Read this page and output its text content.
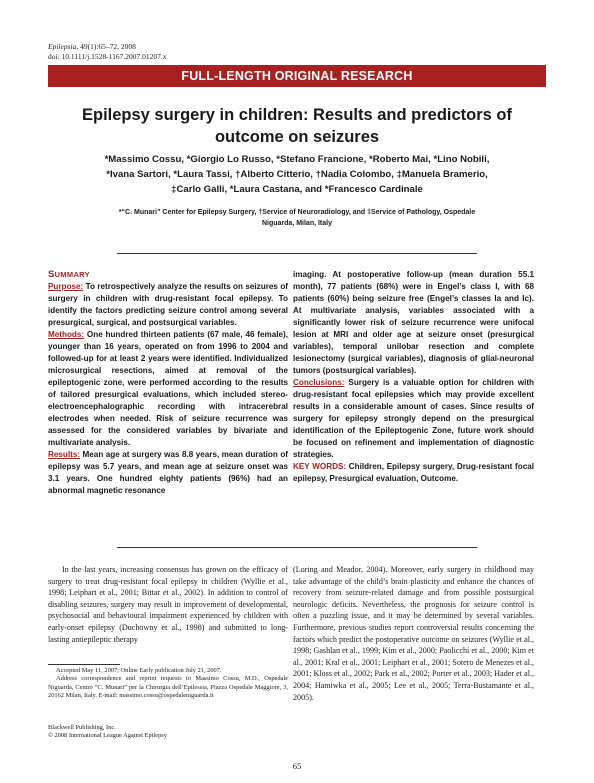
Epilepsia, 49(1):65–72, 2008
doi: 10.1111/j.1528-1167.2007.01207.x
FULL-LENGTH ORIGINAL RESEARCH
Epilepsy surgery in children: Results and predictors of
outcome on seizures
*Massimo Cossu, *Giorgio Lo Russo, *Stefano Francione, *Roberto Mai, *Lino Nobili,
*Ivana Sartori, *Laura Tassi, †Alberto Citterio, †Nadia Colombo, ‡Manuela Bramerio,
‡Carlo Galli, *Laura Castana, and *Francesco Cardinale
*“C. Munari” Center for Epilepsy Surgery, †Service of Neuroradiology, and ‡Service of Pathology, Ospedale
Niguarda, Milan, Italy
SUMMARY
Purpose: To retrospectively analyze the results on seizures of surgery in children with drug-resistant focal epilepsy. To identify the factors predicting seizure control among several presurgical, surgical, and postsurgical variables.
Methods: One hundred thirteen patients (67 male, 46 female), younger than 16 years, operated on from 1996 to 2004 and followed-up for at least 2 years were identified. Individualized microsurgical resections, aimed at removal of the epileptogenic zone, were performed according to the results of tailored presurgical evaluations, which included stereo-electroencephalographic recording with intracerebral electrodes when needed. Risk of seizure recurrence was assessed for the considered variables by bivariate and multivariate analysis.
Results: Mean age at surgery was 8.8 years, mean duration of epilepsy was 5.7 years, and mean age at seizure onset was 3.1 years. One hundred eighty patients (96%) had an abnormal magnetic resonance
imaging. At postoperative follow-up (mean duration 55.1 month), 77 patients (68%) were in Engel’s class I, with 68 patients (60%) being seizure free (Engel’s classes Ia and Ic). At multivariate analysis, variables associated with a significantly lower risk of seizure recurrence were unifocal lesion at MRI and older age at seizure onset (presurgical variables), temporal unilobar resection and complete lesionectomy (surgical variables), diagnosis of glial-neuronal tumors (postsurgical variables).
Conclusions: Surgery is a valuable option for children with drug-resistant focal epilepsies which may provide excellent results in a considerable amount of cases. Since results of surgery for epilepsy strongly depend on the presurgical identification of the Epileptogenic Zone, future work should be focused on refinement and implementation of diagnostic strategies.
KEY WORDS: Children, Epilepsy surgery, Drug-resistant focal epilepsy, Presurgical evaluation, Outcome.

In the last years, increasing consensus has grown on the efficacy of surgery to treat drug-resistant focal epilepsy in children (Wyllie et al., 1998; Leiphart et al., 2001; Bittar et al., 2002). In addition to control of disabling seizures, surgery may result in improvement of developmental, psychosocial and behavioural impairment experienced by children with early-onset epilepsy (Duchowny et al., 1998) and submitted to long-lasting antiepileptic therapy

(Loring and Meador, 2004). Moreover, early surgery in childhood may take advantage of the child’s brain plasticity and enhance the chances of recovery from seizure-related damage and from possible postsurgical neurologic deficits. Nevertheless, the prognosis for seizure control is often a puzzling issue, and it may be determined by several variables. Furthermore, previous studies report controversial results concerning the factors which predict the postoperative outcome on seizures (Wyllie et al., 1998; Gashlan et al., 1999; Kim et al., 2000; Paolicchi et al., 2000; Kim et al., 2001; Kral et al., 2001; Leiphart et al., 2001; Sotero de Menezes et al., 2001; Kloss et al., 2002; Park et al., 2002; Porter et al., 2003; Hader et al., 2004; Hamiwka et al., 2005; Lee et al., 2005; Terra-Bustamante et al., 2005).

Accepted May 11, 2007; Online Early publication July 21, 2007.

Address correspondence and reprint requests to Massimo Cossu, M.D., Ospedale Niguarda, Centro “C. Munari” per la Chirurgia dell’Epilessia, Piazza Ospedale Maggiore, 3, 20162 Milan, Italy. E-mail: massimo.cossu@ospedaleniguarda.it

Blackwell Publishing, Inc.
© 2008 International League Against Epilepsy
65
